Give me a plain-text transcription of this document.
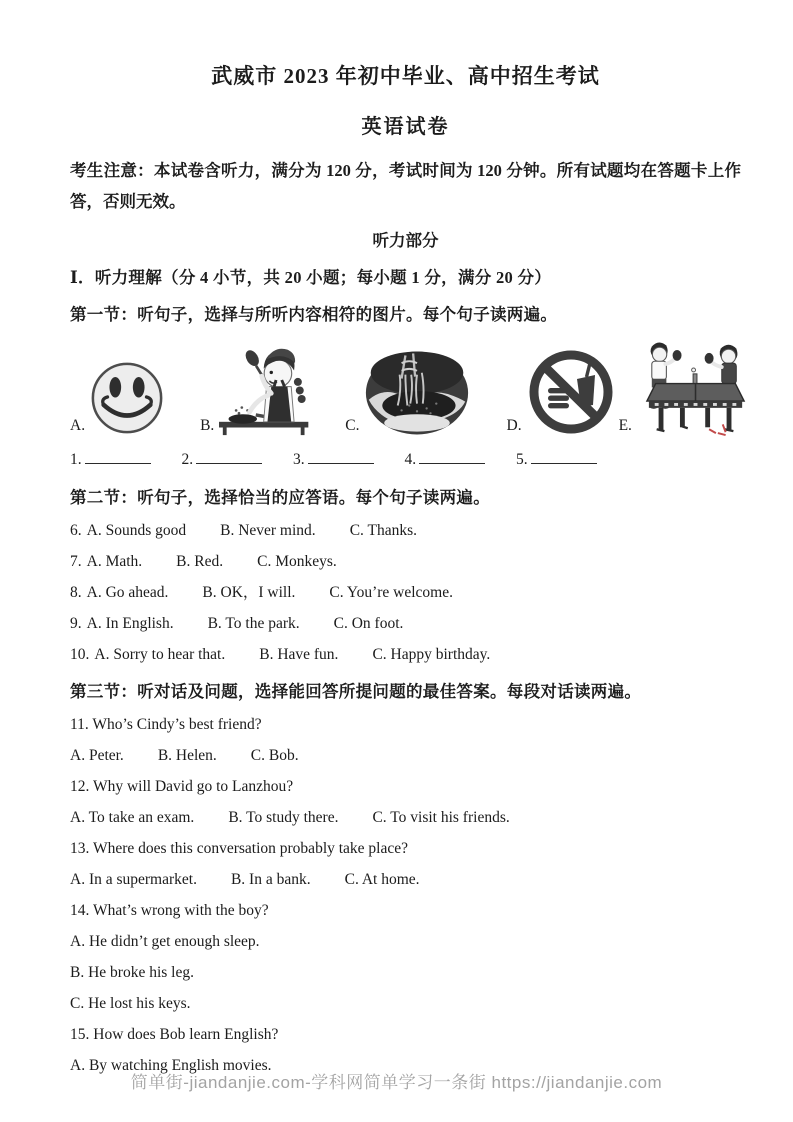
武威市 2023 年初中毕业、高中招生考试
英语试卷

考生注意：本试卷含听力，满分为 120 分，考试时间为 120 分钟。所有试题均在答题卡上作答，否则无效。

听力部分

Ⅰ．听力理解（分 4 小节，共 20 小题；每小题 1 分，满分 20 分）

第一节：听句子，选择与所听内容相符的图片。每个句子读两遍。

A.	B.	C.	D.	E.

1.	2.	3.	4.	5.

第二节：听句子，选择恰当的应答语。每个句子读两遍。

6. A. Sounds good B. Never mind. C. Thanks.

7. A. Math. B. Red. C. Monkeys.

8. A. Go ahead. B. OK，I will. C. You’re welcome.

9. A. In English. B. To the park. C. On foot.

10. A. Sorry to hear that. B. Have fun. C. Happy birthday.

第三节：听对话及问题，选择能回答所提问题的最佳答案。每段对话读两遍。

11. Who’s Cindy’s best friend?

A. Peter. B. Helen. C. Bob.

12. Why will David go to Lanzhou?

A. To take an exam. B. To study there. C. To visit his friends.

13. Where does this conversation probably take place?

A. In a supermarket. B. In a bank. C. At home.

14. What’s wrong with the boy?

A. He didn’t get enough sleep.

B. He broke his leg.

C. He lost his keys.

15. How does Bob learn English?

A. By watching English movies.

简单街-jiandanjie.com-学科网简单学习一条街 https://jiandanjie.com
